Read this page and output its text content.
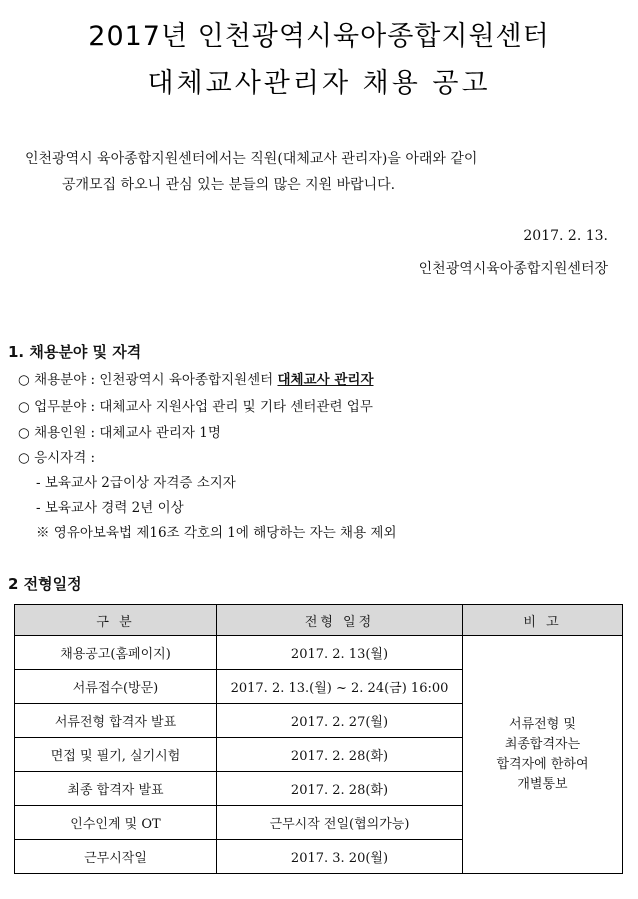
2017년 인천광역시육아종합지원센터
대체교사관리자 채용 공고
인천광역시 육아종합지원센터에서는 직원(대체교사 관리자)을 아래와 같이
공개모집 하오니 관심 있는 분들의 많은 지원 바랍니다.
2017. 2. 13.
인천광역시육아종합지원센터장
1. 채용분야 및 자격
○ 채용분야 : 인천광역시 육아종합지원센터 대체교사 관리자
○ 업무분야 : 대체교사 지원사업 관리 및 기타 센터관련 업무
○ 채용인원 : 대체교사 관리자 1명
○ 응시자격 :
- 보육교사 2급이상 자격증 소지자
- 보육교사 경력 2년 이상
※ 영유아보육법 제16조 각호의 1에 해당하는 자는 채용 제외
2 전형일정
구 분	전형 일정	비 고
채용공고(홈페이지)	2017. 2. 13(월)	서류전형 및
최종합격자는
합격자에 한하여
개별통보

서류접수(방문)	2017. 2. 13.(월) ~ 2. 24(금) 16:00	
서류전형 합격자 발표	2017. 2. 27(월)	
면접 및 필기, 실기시험	2017. 2. 28(화)	
최종 합격자 발표	2017. 2. 28(화)	
인수인계 및 OT	근무시작 전일(협의가능)	
근무시작일	2017. 3. 20(월)	
